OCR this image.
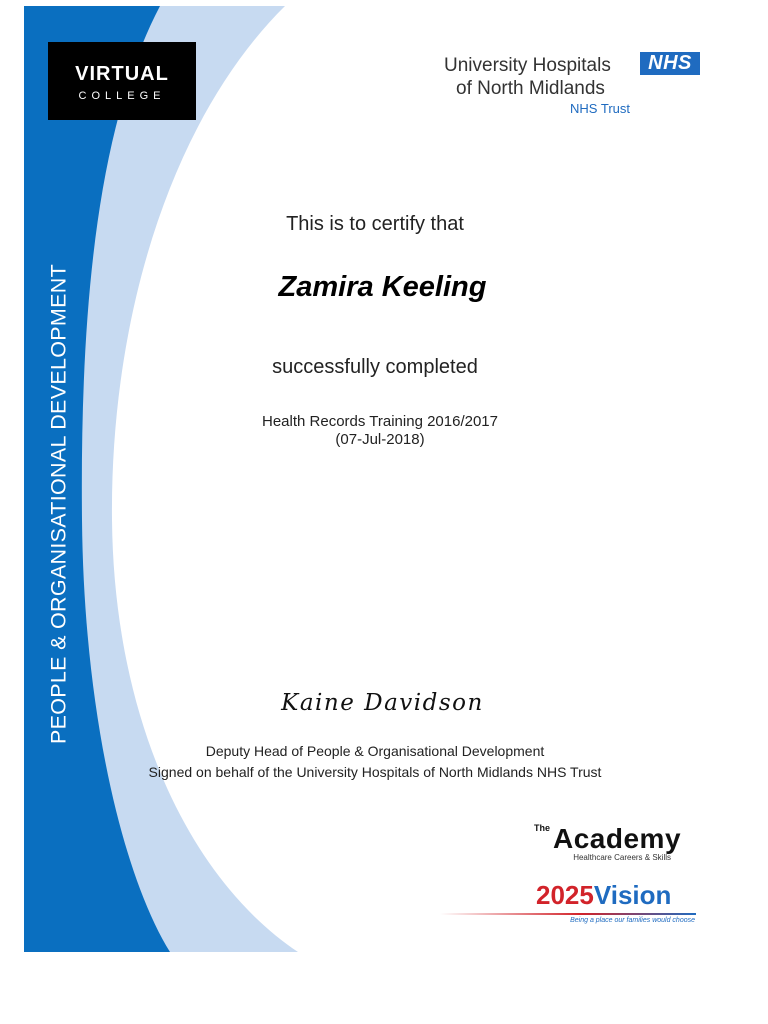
VIRTUAL
COLLEGE
PEOPLE & ORGANISATIONAL DEVELOPMENT
University Hospitals
of North Midlands
NHS
NHS Trust
This is to certify that
Zamira Keeling
successfully completed
Health Records Training 2016/2017
(07-Jul-2018)
Kaine Davidson
Deputy Head of People & Organisational Development
Signed on behalf of the University Hospitals of North Midlands NHS Trust
The Academy
Healthcare Careers & Skills
2025Vision
Being a place our families would choose
